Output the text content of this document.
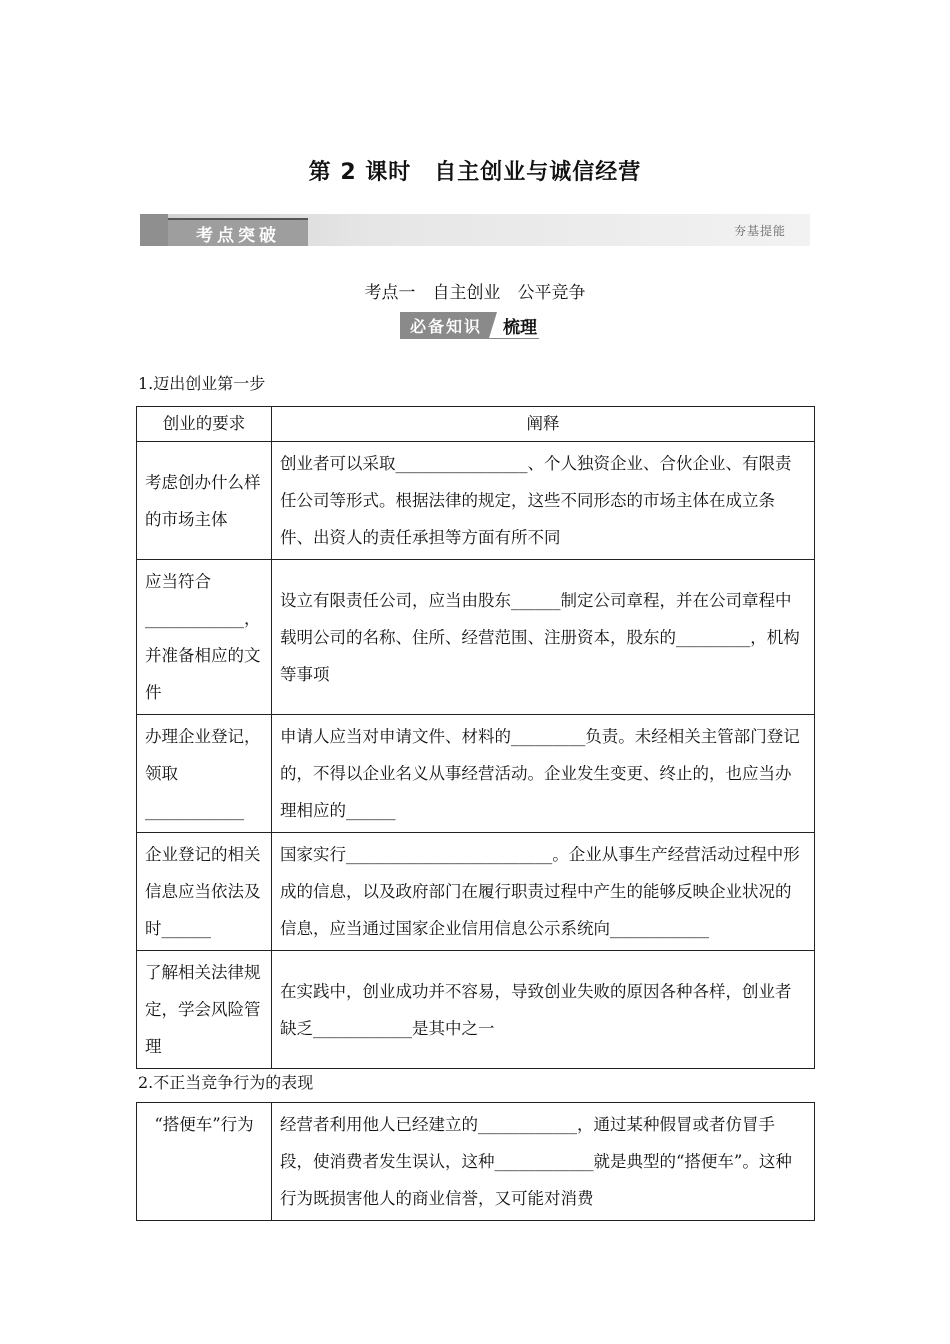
第 2 课时　自主创业与诚信经营
考点突破	夯基提能
考点一　自主创业　公平竞争
必备知识	梳理
1.迈出创业第一步
创业的要求	阐释
考虑创办什么样的市场主体	创业者可以采取________________、个人独资企业、合伙企业、有限责任公司等形式。根据法律的规定，这些不同形态的市场主体在成立条件、出资人的责任承担等方面有所不同
应当符合____________，并准备相应的文件	设立有限责任公司，应当由股东______制定公司章程，并在公司章程中载明公司的名称、住所、经营范围、注册资本，股东的_________，机构等事项
办理企业登记，领取____________	申请人应当对申请文件、材料的_________负责。未经相关主管部门登记的，不得以企业名义从事经营活动。企业发生变更、终止的，也应当办理相应的______
企业登记的相关信息应当依法及时______	国家实行_________________________。企业从事生产经营活动过程中形成的信息，以及政府部门在履行职责过程中产生的能够反映企业状况的信息，应当通过国家企业信用信息公示系统向____________
了解相关法律规定，学会风险管理	在实践中，创业成功并不容易，导致创业失败的原因各种各样，创业者缺乏____________是其中之一
2.不正当竞争行为的表现
“搭便车”行为	经营者利用他人已经建立的____________，通过某种假冒或者仿冒手段，使消费者发生误认，这种____________就是典型的“搭便车”。这种行为既损害他人的商业信誉，又可能对消费
